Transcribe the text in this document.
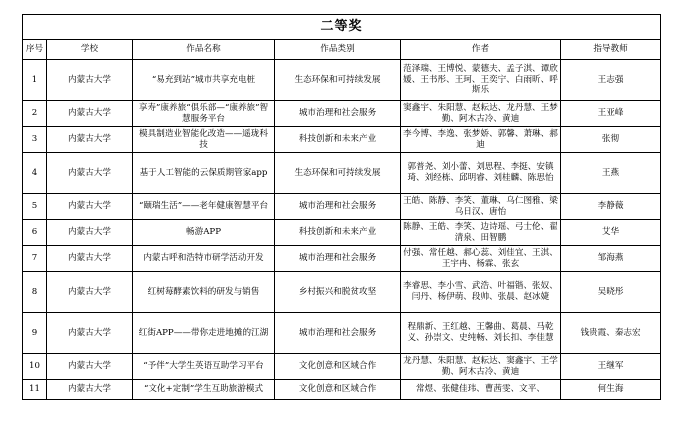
二等奖					
序号	学校	作品名称	作品类别	作者	指导教师
1	内蒙古大学	“易充到站”城市共享充电桩	生态环保和可持续发展	范泽瑞、王博悦、蒙德夫、孟子淇、谭欣媛、王书彤、王珂、王奕宁、白雨昕、呼斯乐	王志强
2	内蒙古大学	享寿”康养旅“俱乐部—“康养旅”智慧服务平台	城市治理和社会服务	窦鑫宇、朱阳慧、赵耘达、龙丹慧、王梦勤、阿木古冷、黄迪	王亚峰
3	内蒙古大学	模具制造业智能化改造——遥珑科技	科技创新和未来产业	李今博、李逸、张梦娇、郭馨、萧琳、郝迪	张彻
4	内蒙古大学	基于人工智能的云保质期管家app	生态环保和可持续发展	郭普尧、刘小蕾、刘思程、李挺、安镇琦、刘经栋、邱明睿、刘桂麟、陈思怡	王燕
5	内蒙古大学	“颐瑞生活”——老年健康智慧平台	城市治理和社会服务	王皓、陈静、李笑、董琳、乌仁图雅、梁乌日汉、唐怡	李静薇
6	内蒙古大学	畅游APP	科技创新和未来产业	陈静、王皓、李笑、边诗瑶、弓士伦、翟清泉、田智鹏	艾华
7	内蒙古大学	内蒙古呼和浩特市研学活动开发	城市治理和社会服务	付强、常任越、郝心蕊、刘佳宜、王淇、王宇冉、杨霖、张玄	邹海燕
8	内蒙古大学	红树莓酵素饮料的研发与销售	乡村振兴和脱贫攻坚	李睿思、李小雪、武浩、叶福锴、张奴、闫丹、杨伊萌、段帅、张晨、赵冰婕	吴晓彤
9	内蒙古大学	红街APP——带你走进地摊的江湖	城市治理和社会服务	程鼎新、王红越、王馨曲、葛晨、马乾义、孙崇文、史纯畅、刘长扣、李佳慧	钱贵霞、秦志宏
10	内蒙古大学	“予伴”大学生英语互助学习平台	文化创意和区域合作	龙丹慧、朱阳慧、赵耘达、窦鑫宇、王学勤、阿木古冷、黄迪	王继军
11	内蒙古大学	“文化+定制”学生互助旅游模式	文化创意和区域合作	常煜、张健佳玮、曹茜雯、文平、	何生海
